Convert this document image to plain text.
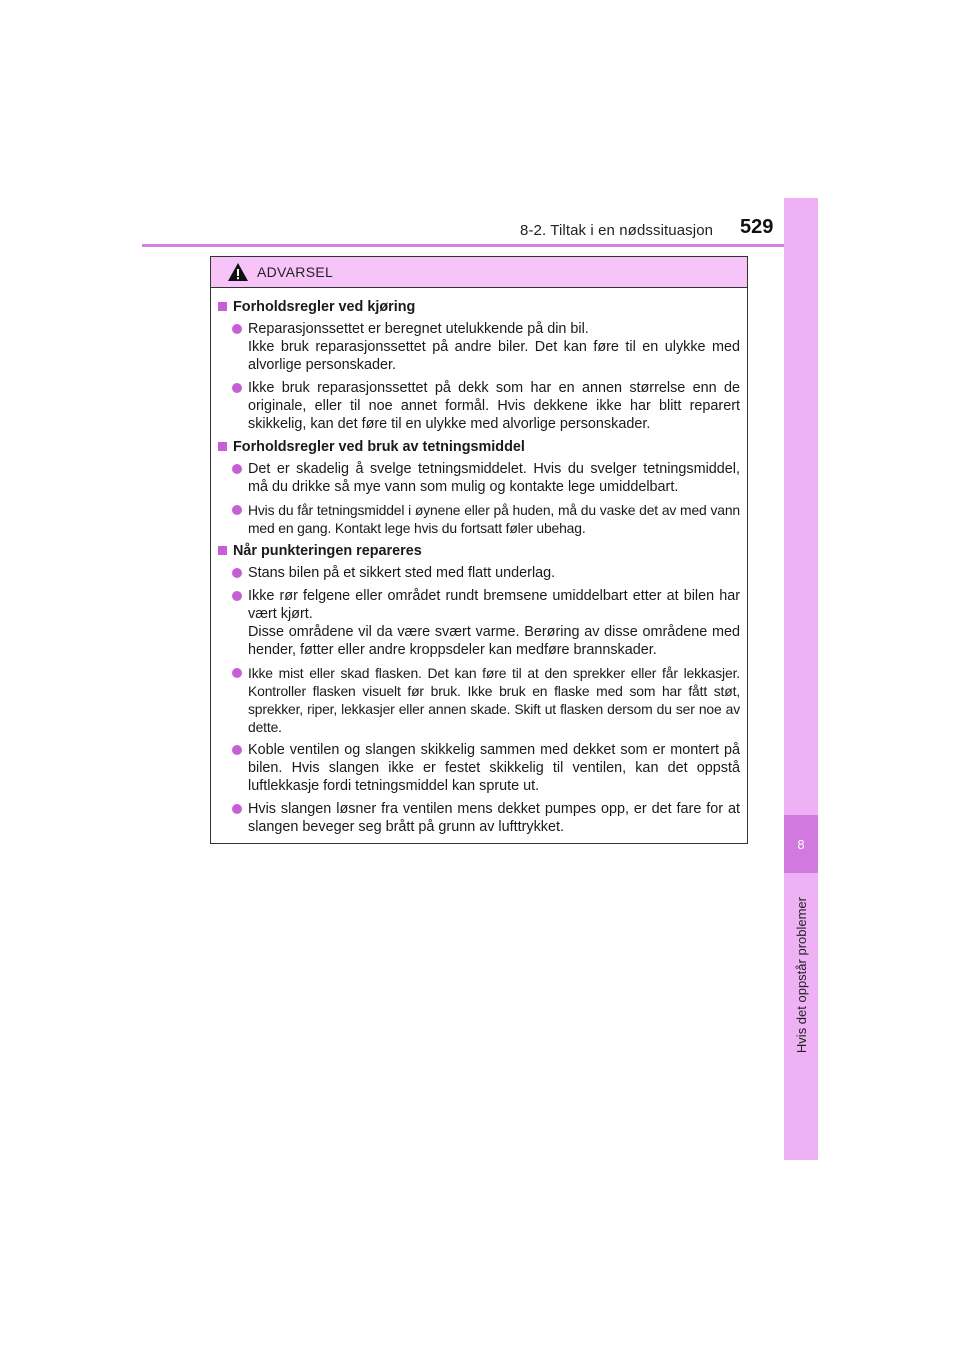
8-2. Tiltak i en nødssituasjon 529
8
Hvis det oppstår problemer
ADVARSEL
Forholdsregler ved kjøring
Reparasjonssettet er beregnet utelukkende på din bil.
Ikke bruk reparasjonssettet på andre biler. Det kan føre til en ulykke med alvorlige personskader.
Ikke bruk reparasjonssettet på dekk som har en annen størrelse enn de originale, eller til noe annet formål. Hvis dekkene ikke har blitt reparert skikkelig, kan det føre til en ulykke med alvorlige personskader.
Forholdsregler ved bruk av tetningsmiddel
Det er skadelig å svelge tetningsmiddelet. Hvis du svelger tetningsmiddel, må du drikke så mye vann som mulig og kontakte lege umiddelbart.
Hvis du får tetningsmiddel i øynene eller på huden, må du vaske det av med vann med en gang. Kontakt lege hvis du fortsatt føler ubehag.
Når punkteringen repareres
Stans bilen på et sikkert sted med flatt underlag.
Ikke rør felgene eller området rundt bremsene umiddelbart etter at bilen har vært kjørt.
Disse områdene vil da være svært varme. Berøring av disse områdene med hender, føtter eller andre kroppsdeler kan medføre brannskader.
Ikke mist eller skad flasken. Det kan føre til at den sprekker eller får lekkasjer. Kontroller flasken visuelt før bruk. Ikke bruk en flaske med som har fått støt, sprekker, riper, lekkasjer eller annen skade. Skift ut flasken dersom du ser noe av dette.
Koble ventilen og slangen skikkelig sammen med dekket som er montert på bilen. Hvis slangen ikke er festet skikkelig til ventilen, kan det oppstå luftlekkasje fordi tetningsmiddel kan sprute ut.
Hvis slangen løsner fra ventilen mens dekket pumpes opp, er det fare for at slangen beveger seg brått på grunn av lufttrykket.
